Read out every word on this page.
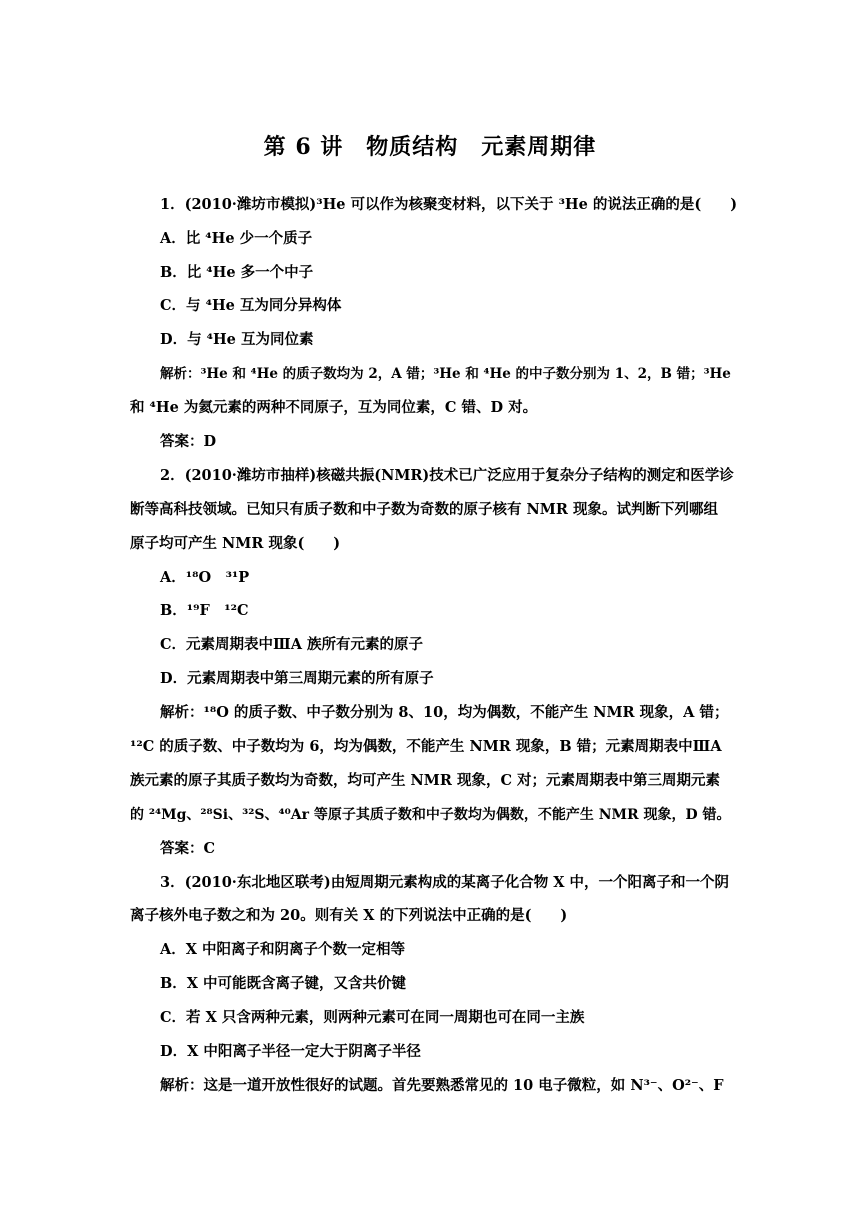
第 6 讲　物质结构　元素周期律
1．(2010·潍坊市模拟)³He 可以作为核聚变材料，以下关于 ³He 的说法正确的是(　　)
A．比 ⁴He 少一个质子
B．比 ⁴He 多一个中子
C．与 ⁴He 互为同分异构体
D．与 ⁴He 互为同位素
解析：³He 和 ⁴He 的质子数均为 2，A 错；³He 和 ⁴He 的中子数分别为 1、2，B 错；³He
和 ⁴He 为氦元素的两种不同原子，互为同位素，C 错、D 对。
答案：D
2．(2010·潍坊市抽样)核磁共振(NMR)技术已广泛应用于复杂分子结构的测定和医学诊
断等高科技领域。已知只有质子数和中子数为奇数的原子核有 NMR 现象。试判断下列哪组
原子均可产生 NMR 现象(　　)
A．¹⁸O　³¹P
B．¹⁹F　¹²C
C．元素周期表中ⅢA 族所有元素的原子
D．元素周期表中第三周期元素的所有原子
解析：¹⁸O 的质子数、中子数分别为 8、10，均为偶数，不能产生 NMR 现象，A 错；
¹²C 的质子数、中子数均为 6，均为偶数，不能产生 NMR 现象，B 错；元素周期表中ⅢA
族元素的原子其质子数均为奇数，均可产生 NMR 现象，C 对；元素周期表中第三周期元素
的 ²⁴Mg、²⁸Si、³²S、⁴⁰Ar 等原子其质子数和中子数均为偶数，不能产生 NMR 现象，D 错。
答案：C
3．(2010·东北地区联考)由短周期元素构成的某离子化合物 X 中，一个阳离子和一个阴
离子核外电子数之和为 20。则有关 X 的下列说法中正确的是(　　)
A．X 中阳离子和阴离子个数一定相等
B．X 中可能既含离子键，又含共价键
C．若 X 只含两种元素，则两种元素可在同一周期也可在同一主族
D．X 中阳离子半径一定大于阴离子半径
解析：这是一道开放性很好的试题。首先要熟悉常见的 10 电子微粒，如 N³⁻、O²⁻、F
